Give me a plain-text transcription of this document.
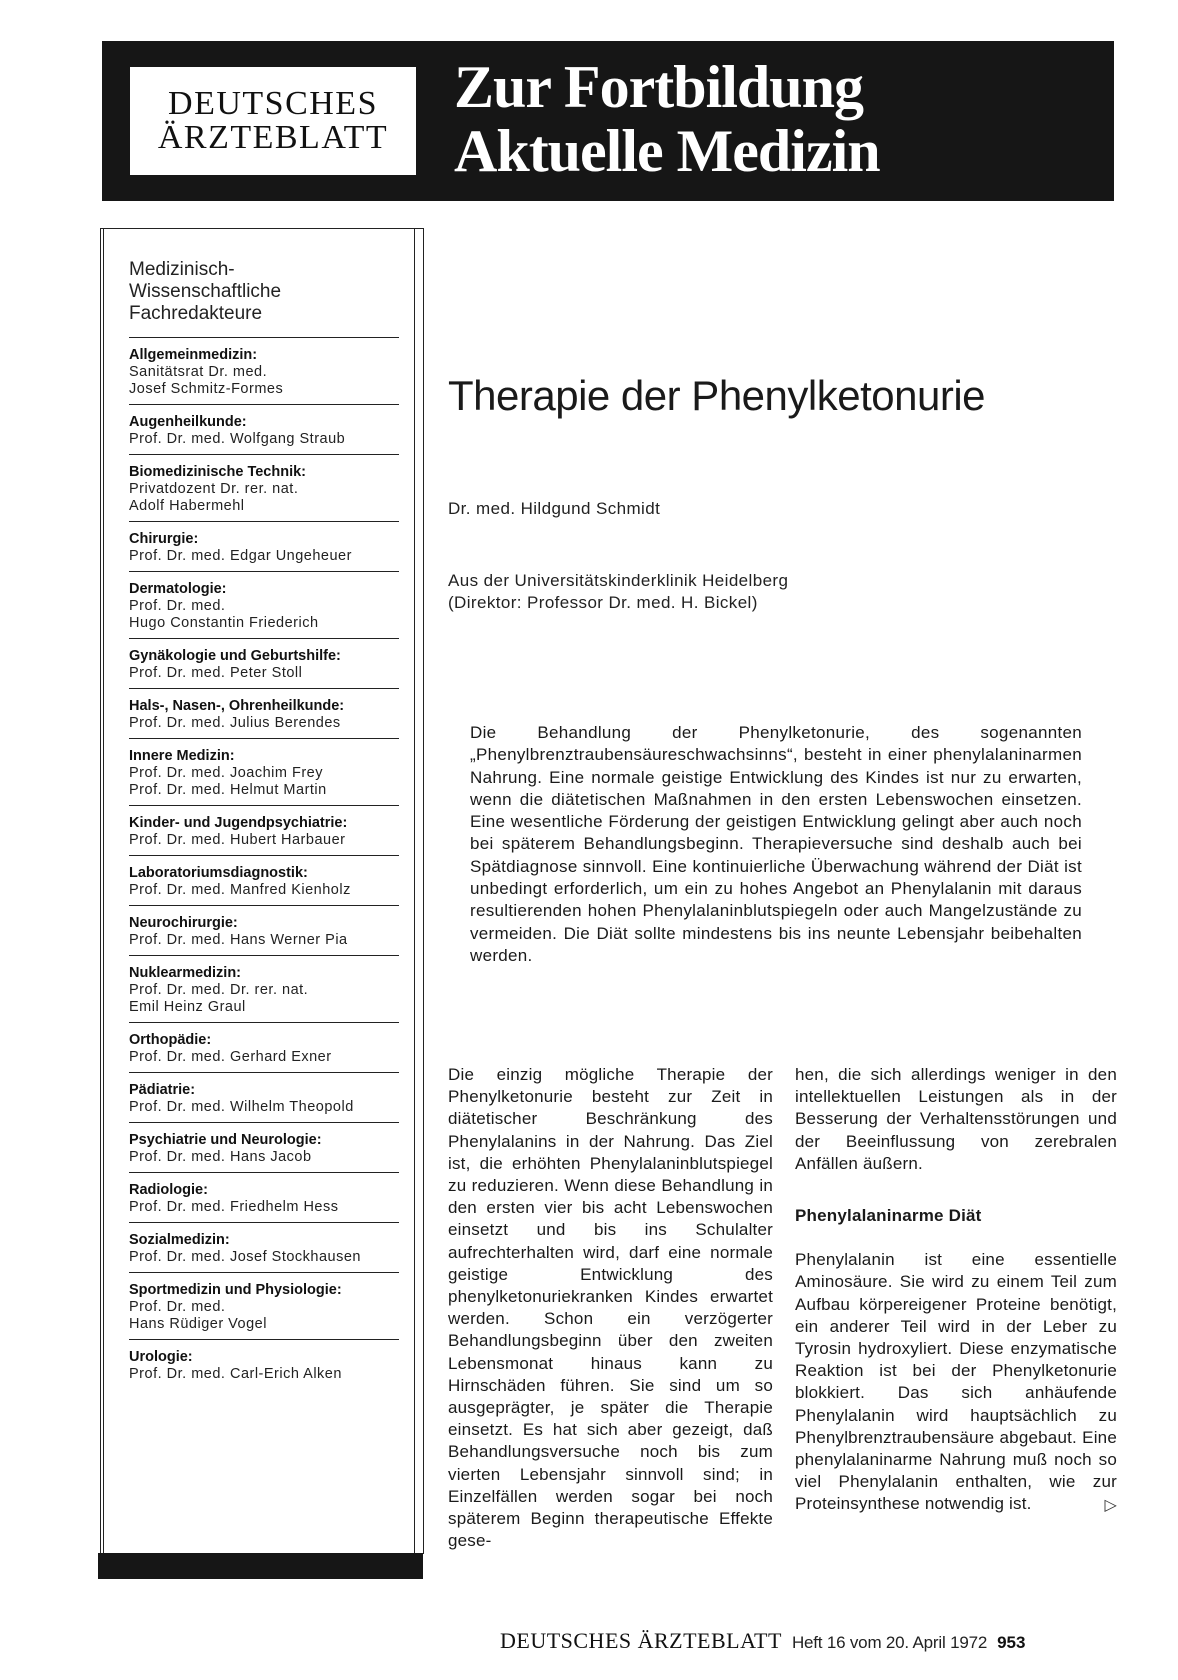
DEUTSCHES
ÄRZTEBLATT
Zur Fortbildung
Aktuelle Medizin
Medizinisch-
Wissenschaftliche
Fachredakteure
Allgemeinmedizin:
Sanitätsrat Dr. med.
Josef Schmitz-Formes
Augenheilkunde:
Prof. Dr. med. Wolfgang Straub
Biomedizinische Technik:
Privatdozent Dr. rer. nat.
Adolf Habermehl
Chirurgie:
Prof. Dr. med. Edgar Ungeheuer
Dermatologie:
Prof. Dr. med.
Hugo Constantin Friederich
Gynäkologie und Geburtshilfe:
Prof. Dr. med. Peter Stoll
Hals-, Nasen-, Ohrenheilkunde:
Prof. Dr. med. Julius Berendes
Innere Medizin:
Prof. Dr. med. Joachim Frey
Prof. Dr. med. Helmut Martin
Kinder- und Jugendpsychiatrie:
Prof. Dr. med. Hubert Harbauer
Laboratoriumsdiagnostik:
Prof. Dr. med. Manfred Kienholz
Neurochirurgie:
Prof. Dr. med. Hans Werner Pia
Nuklearmedizin:
Prof. Dr. med. Dr. rer. nat.
Emil Heinz Graul
Orthopädie:
Prof. Dr. med. Gerhard Exner
Pädiatrie:
Prof. Dr. med. Wilhelm Theopold
Psychiatrie und Neurologie:
Prof. Dr. med. Hans Jacob
Radiologie:
Prof. Dr. med. Friedhelm Hess
Sozialmedizin:
Prof. Dr. med. Josef Stockhausen
Sportmedizin und Physiologie:
Prof. Dr. med.
Hans Rüdiger Vogel
Urologie:
Prof. Dr. med. Carl-Erich Alken
Therapie der Phenylketonurie
Dr. med. Hildgund Schmidt
Aus der Universitätskinderklinik Heidelberg
(Direktor: Professor Dr. med. H. Bickel)

Die Behandlung der Phenylketonurie, des sogenannten „Phenylbrenztraubensäureschwachsinns“, besteht in einer phenylalaninarmen Nahrung. Eine normale geistige Entwicklung des Kindes ist nur zu erwarten, wenn die diätetischen Maßnahmen in den ersten Lebenswochen einsetzen. Eine wesentliche Förderung der geistigen Entwicklung gelingt aber auch noch bei späterem Behandlungsbeginn. Therapieversuche sind deshalb auch bei Spätdiagnose sinnvoll. Eine kontinuierliche Überwachung während der Diät ist unbedingt erforderlich, um ein zu hohes Angebot an Phenylalanin mit daraus resultierenden hohen Phenylalaninblutspiegeln oder auch Mangelzustände zu vermeiden. Die Diät sollte mindestens bis ins neunte Lebensjahr beibehalten werden.

Die einzig mögliche Therapie der Phenylketonurie besteht zur Zeit in diätetischer Beschränkung des Phenylalanins in der Nahrung. Das Ziel ist, die erhöhten Phenylalaninblutspiegel zu reduzieren. Wenn diese Behandlung in den ersten vier bis acht Lebenswochen einsetzt und bis ins Schulalter aufrechterhalten wird, darf eine normale geistige Entwicklung des phenylketonuriekranken Kindes erwartet werden. Schon ein verzögerter Behandlungsbeginn über den zweiten Lebensmonat hinaus kann zu Hirnschäden führen. Sie sind um so ausgeprägter, je später die Therapie einsetzt. Es hat sich aber gezeigt, daß Behandlungsversuche noch bis zum vierten Lebensjahr sinnvoll sind; in Einzelfällen werden sogar bei noch späterem Beginn therapeutische Effekte gese-

hen, die sich allerdings weniger in den intellektuellen Leistungen als in der Besserung der Verhaltensstörungen und der Beeinflussung von zerebralen Anfällen äußern.

Phenylalaninarme Diät

Phenylalanin ist eine essentielle Aminosäure. Sie wird zu einem Teil zum Aufbau körpereigener Proteine benötigt, ein anderer Teil wird in der Leber zu Tyrosin hydroxyliert. Diese enzymatische Reaktion ist bei der Phenylketonurie blokkiert. Das sich anhäufende Phenylalanin wird hauptsächlich zu Phenylbrenztraubensäure abgebaut. Eine phenylalaninarme Nahrung muß noch so viel Phenylalanin enthalten, wie zur Proteinsynthese notwendig ist.	▷

DEUTSCHES ÄRZTEBLATT Heft 16 vom 20. April 1972 953
